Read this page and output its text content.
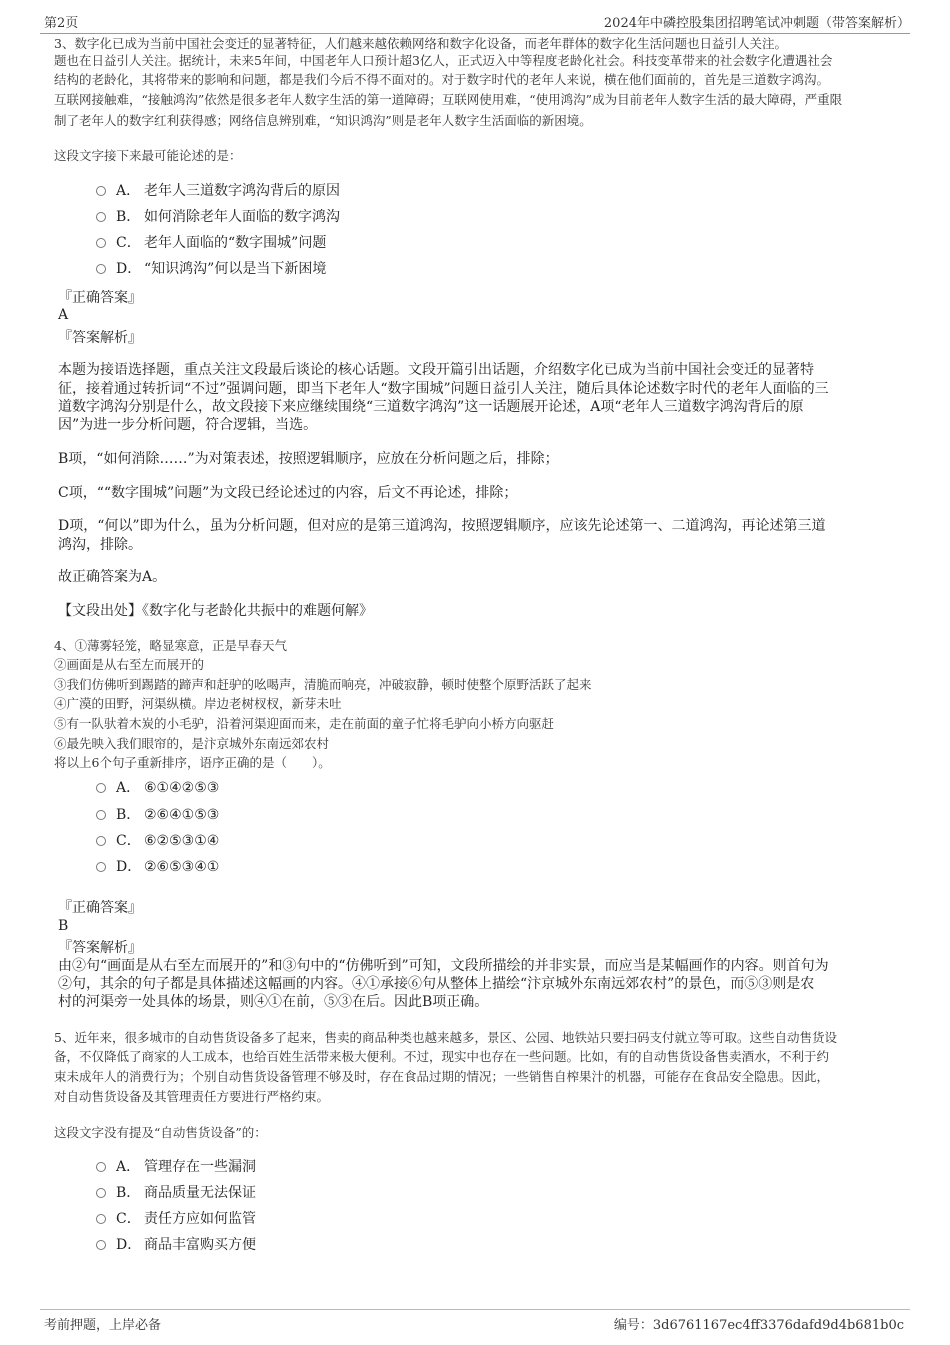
第2页	2024年中磷控股集团招聘笔试冲刺题（带答案解析）
3、数字化已成为当前中国社会变迁的显著特征，人们越来越依赖网络和数字化设备，而老年群体的数字化生活问题也日益引人关注。
题也在日益引人关注。据统计，未来5年间，中国老年人口预计超3亿人，正式迈入中等程度老龄化社会。科技变革带来的社会数字化遭遇社会
结构的老龄化，其将带来的影响和问题，都是我们今后不得不面对的。对于数字时代的老年人来说，横在他们面前的，首先是三道数字鸿沟。
互联网接触难，“接触鸿沟”依然是很多老年人数字生活的第一道障碍；互联网使用难，“使用鸿沟”成为目前老年人数字生活的最大障碍，严重限
制了老年人的数字红利获得感；网络信息辨别难，“知识鸿沟”则是老年人数字生活面临的新困境。
这段文字接下来最可能论述的是：
A． 老年人三道数字鸿沟背后的原因
B． 如何消除老年人面临的数字鸿沟
C． 老年人面临的“数字围城”问题
D． “知识鸿沟”何以是当下新困境
『正确答案』
A
『答案解析』
本题为接语选择题，重点关注文段最后谈论的核心话题。文段开篇引出话题，介绍数字化已成为当前中国社会变迁的显著特
征，接着通过转折词“不过”强调问题，即当下老年人“数字围城”问题日益引人关注，随后具体论述数字时代的老年人面临的三
道数字鸿沟分别是什么，故文段接下来应继续围绕“三道数字鸿沟”这一话题展开论述，A项“老年人三道数字鸿沟背后的原
因”为进一步分析问题，符合逻辑，当选。
B项，“如何消除……”为对策表述，按照逻辑顺序，应放在分析问题之后，排除；
C项，““数字围城”问题”为文段已经论述过的内容，后文不再论述，排除；
D项，“何以”即为什么，虽为分析问题，但对应的是第三道鸿沟，按照逻辑顺序，应该先论述第一、二道鸿沟，再论述第三道
鸿沟，排除。
故正确答案为A。
【文段出处】《数字化与老龄化共振中的难题何解》
4、①薄雾轻笼，略显寒意，正是早春天气
②画面是从右至左而展开的
③我们仿佛听到踢踏的蹄声和赶驴的吆喝声，清脆而响亮，冲破寂静，顿时使整个原野活跃了起来
④广漠的田野，河渠纵横。岸边老树杈杈，新芽未吐
⑤有一队驮着木炭的小毛驴，沿着河渠迎面而来，走在前面的童子忙将毛驴向小桥方向驱赶
⑥最先映入我们眼帘的，是汴京城外东南远郊农村
将以上6个句子重新排序，语序正确的是（　　）。
A． ⑥①④②⑤③
B． ②⑥④①⑤③
C． ⑥②⑤③①④
D． ②⑥⑤③④①
『正确答案』
B
『答案解析』
由②句“画面是从右至左而展开的”和③句中的“仿佛听到”可知，文段所描绘的并非实景，而应当是某幅画作的内容。则首句为
②句，其余的句子都是具体描述这幅画的内容。④①承接⑥句从整体上描绘“汴京城外东南远郊农村”的景色，而⑤③则是农
村的河渠旁一处具体的场景，则④①在前，⑤③在后。因此B项正确。
5、近年来，很多城市的自动售货设备多了起来，售卖的商品种类也越来越多，景区、公园、地铁站只要扫码支付就立等可取。这些自动售货设
备，不仅降低了商家的人工成本，也给百姓生活带来极大便利。不过，现实中也存在一些问题。比如，有的自动售货设备售卖酒水，不利于约
束未成年人的消费行为；个别自动售货设备管理不够及时，存在食品过期的情况；一些销售自榨果汁的机器，可能存在食品安全隐患。因此，
对自动售货设备及其管理责任方要进行严格约束。
这段文字没有提及“自动售货设备”的：
A． 管理存在一些漏洞
B． 商品质量无法保证
C． 责任方应如何监管
D． 商品丰富购买方便
考前押题，上岸必备	编号：3d6761167ec4ff3376dafd9d4b681b0c
